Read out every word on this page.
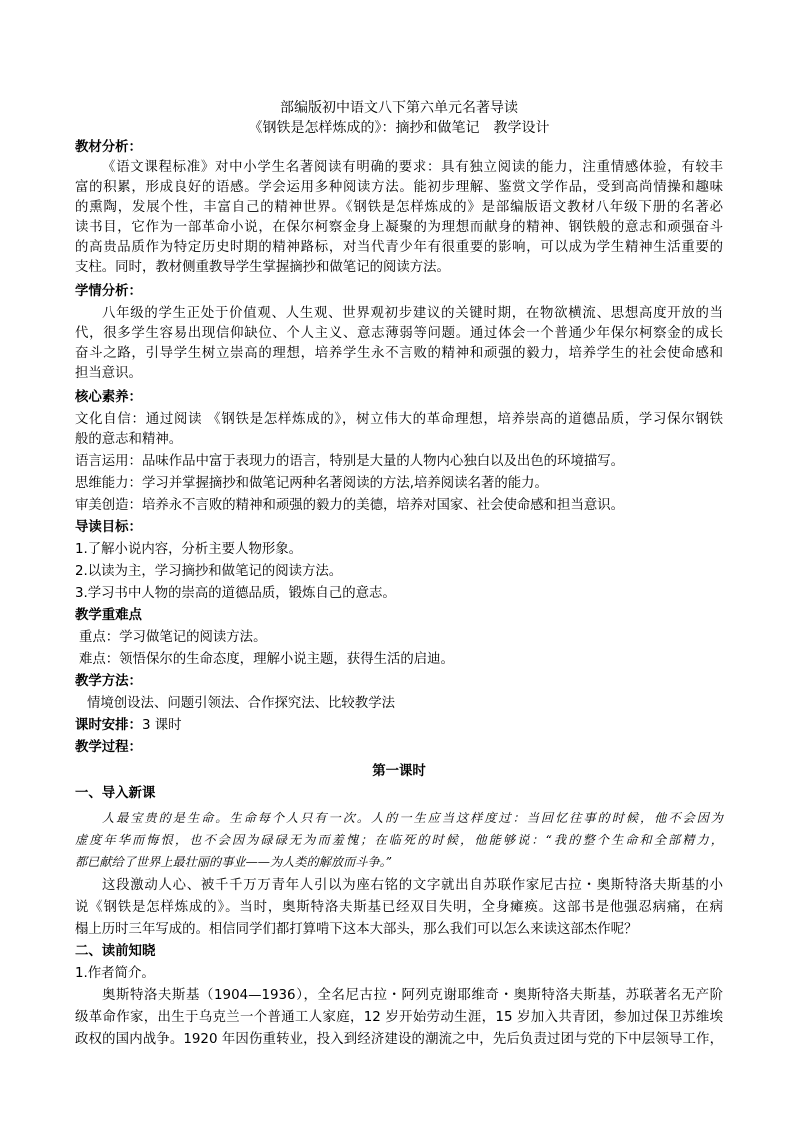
部编版初中语文八下第六单元名著导读
《钢铁是怎样炼成的》：摘抄和做笔记　教学设计
教材分析：
《语文课程标准》对中小学生名著阅读有明确的要求：具有独立阅读的能力，注重情感体验，有较丰
富的积累，形成良好的语感。学会运用多种阅读方法。能初步理解、鉴赏文学作品，受到高尚情操和趣味
的熏陶，发展个性，丰富自己的精神世界。《钢铁是怎样炼成的》是部编版语文教材八年级下册的名著必
读书目，它作为一部革命小说，在保尔柯察金身上凝聚的为理想而献身的精神、钢铁般的意志和顽强奋斗
的高贵品质作为特定历史时期的精神路标，对当代青少年有很重要的影响，可以成为学生精神生活重要的
支柱。同时，教材侧重教导学生掌握摘抄和做笔记的阅读方法。
学情分析：
八年级的学生正处于价值观、人生观、世界观初步建议的关键时期，在物欲横流、思想高度开放的当
代，很多学生容易出现信仰缺位、个人主义、意志薄弱等问题。通过体会一个普通少年保尔柯察金的成长
奋斗之路，引导学生树立崇高的理想，培养学生永不言败的精神和顽强的毅力，培养学生的社会使命感和
担当意识。
核心素养：
文化自信：通过阅读 《钢铁是怎样炼成的》，树立伟大的革命理想，培养崇高的道德品质，学习保尔钢铁
般的意志和精神。
语言运用：品味作品中富于表现力的语言，特别是大量的人物内心独白以及出色的环境描写。
思维能力：学习并掌握摘抄和做笔记两种名著阅读的方法,培养阅读名著的能力。
审美创造：培养永不言败的精神和顽强的毅力的美德，培养对国家、社会使命感和担当意识。
导读目标：
1.了解小说内容，分析主要人物形象。
2.以读为主，学习摘抄和做笔记的阅读方法。
3.学习书中人物的崇高的道德品质，锻炼自己的意志。
教学重难点
重点：学习做笔记的阅读方法。
难点：领悟保尔的生命态度，理解小说主题，获得生活的启迪。
教学方法：
情境创设法、问题引领法、合作探究法、比较教学法
课时安排：3 课时
教学过程：
第一课时
一、导入新课
人最宝贵的是生命。生命每个人只有一次。人的一生应当这样度过：当回忆往事的时候，他不会因为
虚度年华而悔恨，也不会因为碌碌无为而羞愧；在临死的时候，他能够说：“我的整个生命和全部精力，
都已献给了世界上最壮丽的事业——为人类的解放而斗争。”
这段激动人心、被千千万万青年人引以为座右铭的文字就出自苏联作家尼古拉・奥斯特洛夫斯基的小
说《钢铁是怎样炼成的》。当时，奥斯特洛夫斯基已经双目失明，全身瘫痪。这部书是他强忍病痛，在病
榻上历时三年写成的。相信同学们都打算啃下这本大部头，那么我们可以怎么来读这部杰作呢？
二、读前知晓
1.作者简介。
奥斯特洛夫斯基（1904—1936），全名尼古拉・阿列克谢耶维奇・奥斯特洛夫斯基，苏联著名无产阶
级革命作家，出生于乌克兰一个普通工人家庭，12 岁开始劳动生涯，15 岁加入共青团，参加过保卫苏维埃
政权的国内战争。1920 年因伤重转业，投入到经济建设的潮流之中，先后负责过团与党的下中层领导工作，
